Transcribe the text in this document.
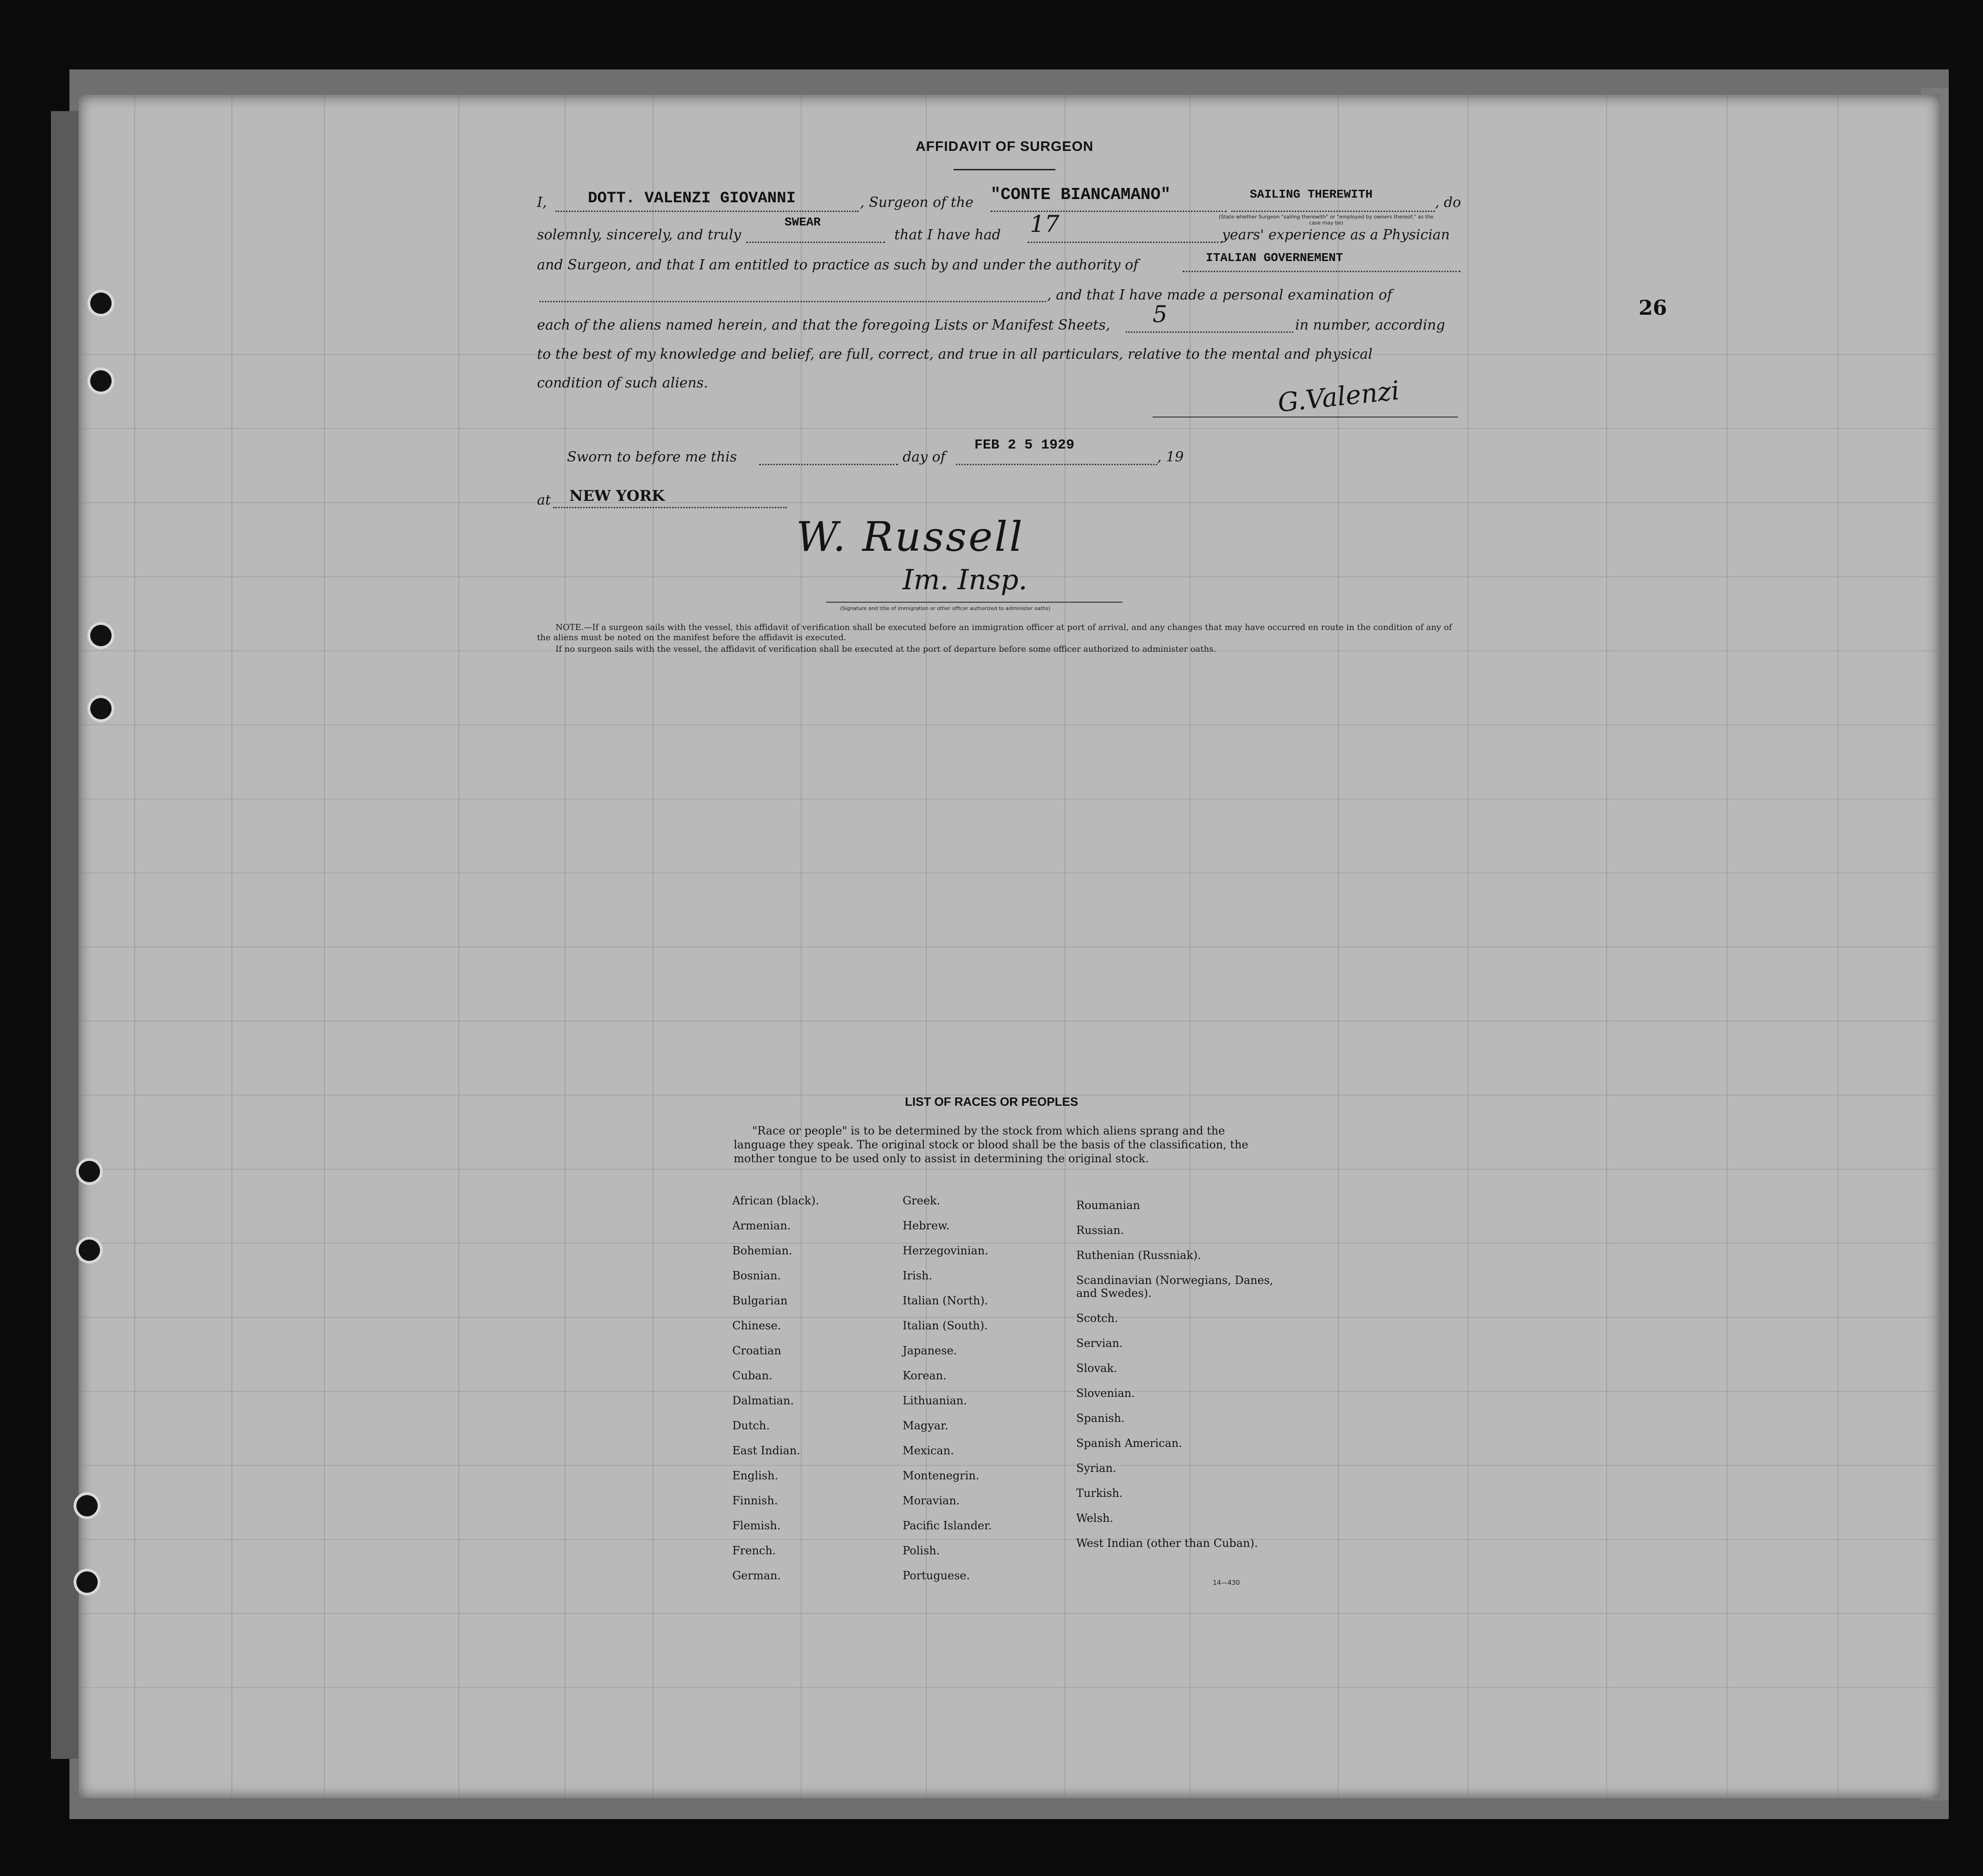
26
AFFIDAVIT OF SURGEON
I,	DOTT. VALENZI GIOVANNI	, Surgeon of the "CONTE BIANCAMANO"	SAILING THEREWITH
(State whether Surgeon "sailing therewith" or "employed by owners thereof," as the case may be)
, do
solemnly, sincerely, and truly
SWEAR
that I have had 17	years' experience as a Physician
and Surgeon, and that I am entitled to practice as such by and under the authority of	ITALIAN GOVERNEMENT
, and that I have made a personal examination of
each of the aliens named herein, and that the foregoing Lists or Manifest Sheets, 5	in number, according
to the best of my knowledge and belief, are full, correct, and true in all particulars, relative to the mental and physical
condition of such aliens.	G.Valenzi
Sworn to before me this	day of
FEB 2 5 1929
, 19
at NEW YORK
W. Russell
Im. Insp.
(Signature and title of immigration or other officer authorized to administer oaths)
NOTE.—If a surgeon sails with the vessel, this affidavit of verification shall be executed before an immigration officer at port of arrival, and any changes that may have occurred en route in the condition of any of the aliens must be noted on the manifest before the affidavit is executed.
If no surgeon sails with the vessel, the affidavit of verification shall be executed at the port of departure before some officer authorized to administer oaths.
LIST OF RACES OR PEOPLES
"Race or people" is to be determined by the stock from which aliens sprang and the language they speak. The original stock or blood shall be the basis of the classification, the mother tongue to be used only to assist in determining the original stock.
African (black).
Armenian.
Bohemian.
Bosnian.
Bulgarian
Chinese.
Croatian
Cuban.
Dalmatian.
Dutch.
East Indian.
English.
Finnish.
Flemish.
French.
German.
Greek.
Hebrew.
Herzegovinian.
Irish.
Italian (North).
Italian (South).
Japanese.
Korean.
Lithuanian.
Magyar.
Mexican.
Montenegrin.
Moravian.
Pacific Islander.
Polish.
Portuguese.
Roumanian
Russian.
Ruthenian (Russniak).
Scandinavian (Norwegians, Danes, and Swedes).
Scotch.
Servian.
Slovak.
Slovenian.
Spanish.
Spanish American.
Syrian.
Turkish.
Welsh.
West Indian (other than Cuban).
14—430
